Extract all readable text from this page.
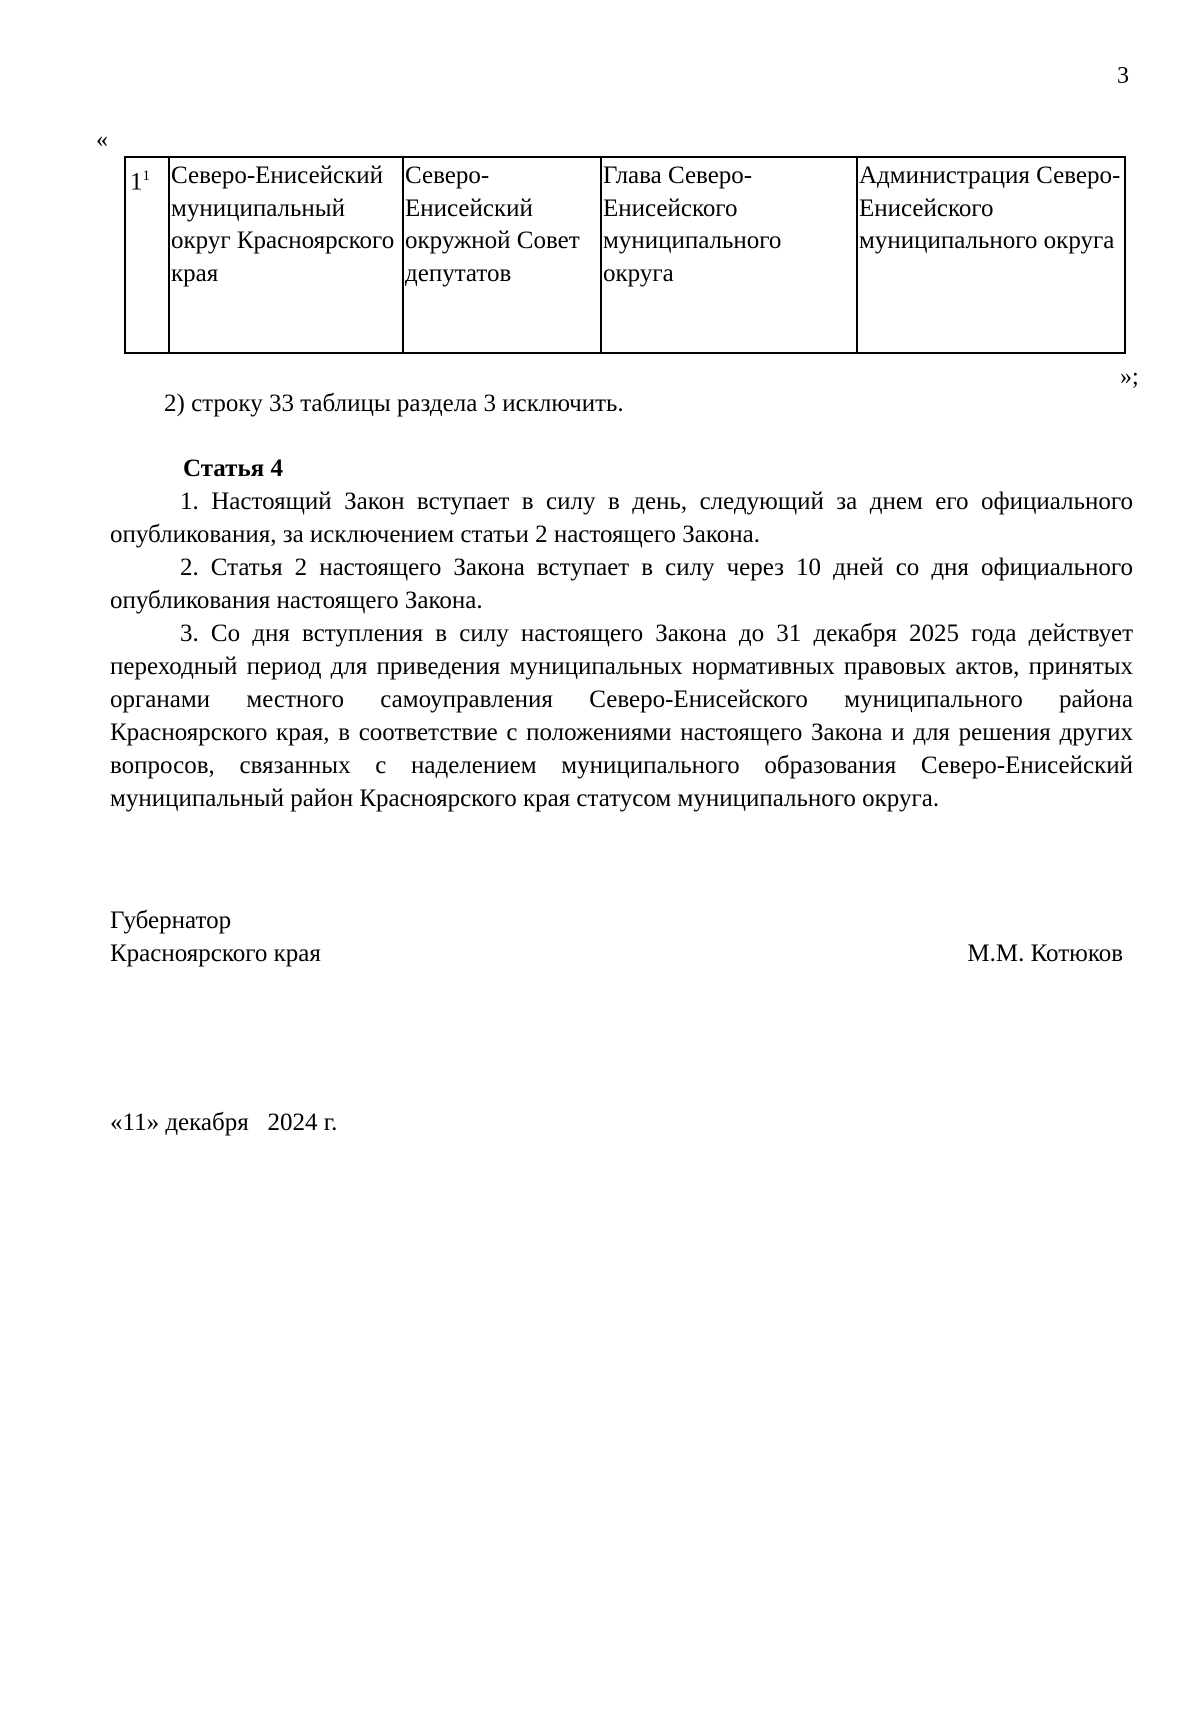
3
«
$1^1$	Северо-Енисейский муниципальный округ Красноярского края	Северо-Енисейский окружной Совет депутатов	Глава Северо-Енисейского муниципального округа	Администрация Северо-Енисейского муниципального округа
»;
2) строку 33 таблицы раздела 3 исключить.
Статья 4
1. Настоящий Закон вступает в силу в день, следующий за днем его официального опубликования, за исключением статьи 2 настоящего Закона.
2. Статья 2 настоящего Закона вступает в силу через 10 дней со дня официального опубликования настоящего Закона.
3. Со дня вступления в силу настоящего Закона до 31 декабря 2025 года действует переходный период для приведения муниципальных нормативных правовых актов, принятых органами местного самоуправления Северо-Енисейского муниципального района Красноярского края, в соответствие с положениями настоящего Закона и для решения других вопросов, связанных с наделением муниципального образования Северо-Енисейский муниципальный район Красноярского края статусом муниципального округа.
Губернатор
Красноярского края	М.М. Котюков
«11» декабря   2024 г.
